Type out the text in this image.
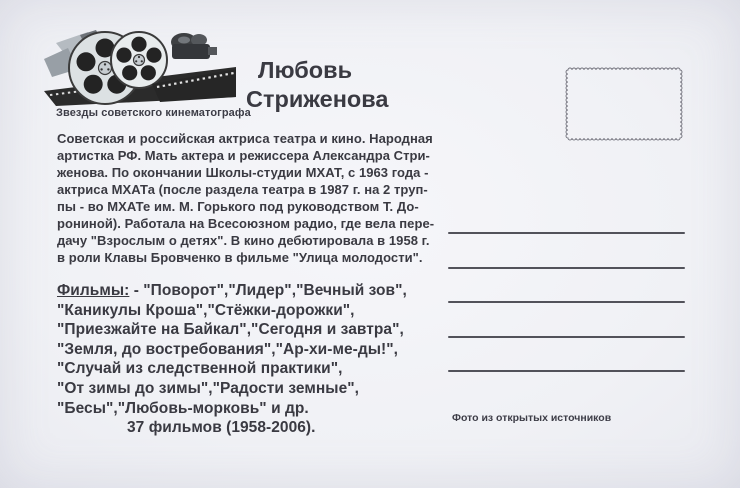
Звезды советского кинематографа
Любовь
Стриженова
Советская и российская актриса театра и кино. Народная
артистка РФ. Мать актера и режиссера Александра Стри-
женова. По окончании Школы-студии МХАТ, с 1963 года -
актриса МХАТа (после раздела театра в 1987 г. на 2 труп-
пы - во МХАТе им. М. Горького под руководством Т. До-
рониной). Работала на Всесоюзном радио, где вела пере-
дачу "Взрослым о детях". В кино дебютировала в 1958 г.
в роли Клавы Бровченко в фильме "Улица молодости".
Фильмы: - "Поворот","Лидер","Вечный зов",
"Каникулы Кроша","Стёжки-дорожки",
"Приезжайте на Байкал","Сегодня и завтра",
"Земля, до востребования","Ар-хи-ме-ды!",
"Случай из следственной практики",
"От зимы до зимы","Радости земные",
"Бесы","Любовь-морковь" и др.
37 фильмов (1958-2006).
Фото из открытых источников
